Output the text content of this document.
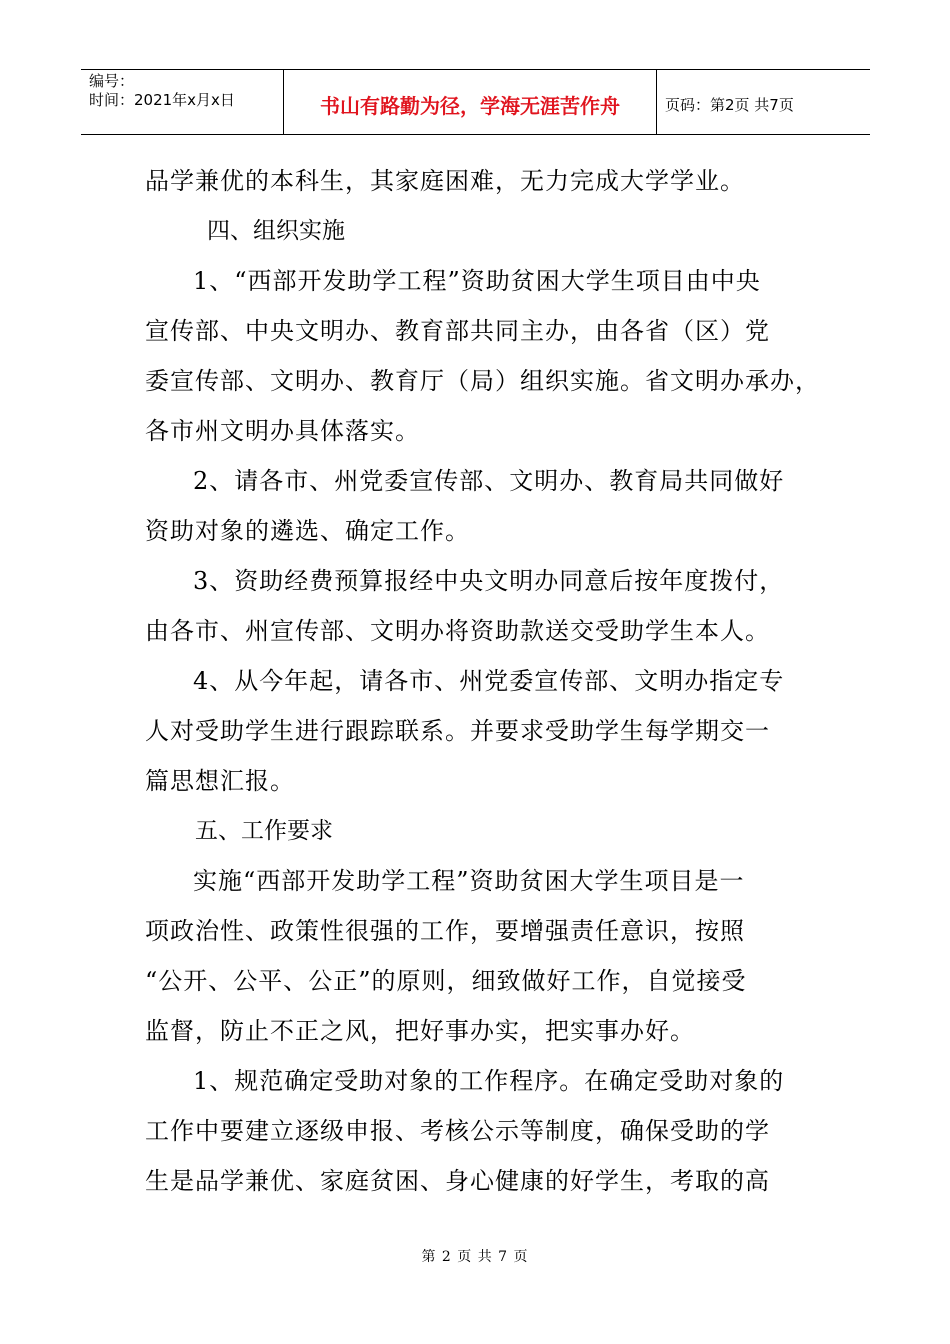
编号：
时间：2021年x月x日	书山有路勤为径，学海无涯苦作舟	页码：第2页 共7页
品学兼优的本科生，其家庭困难，无力完成大学学业。
四、组织实施
1、“西部开发助学工程”资助贫困大学生项目由中央
宣传部、中央文明办、教育部共同主办，由各省（区）党
委宣传部、文明办、教育厅（局）组织实施。省文明办承办，
各市州文明办具体落实。
2、请各市、州党委宣传部、文明办、教育局共同做好
资助对象的遴选、确定工作。
3、资助经费预算报经中央文明办同意后按年度拨付，
由各市、州宣传部、文明办将资助款送交受助学生本人。
4、从今年起，请各市、州党委宣传部、文明办指定专
人对受助学生进行跟踪联系。并要求受助学生每学期交一
篇思想汇报。
五、工作要求
实施“西部开发助学工程”资助贫困大学生项目是一
项政治性、政策性很强的工作，要增强责任意识，按照
“公开、公平、公正”的原则，细致做好工作，自觉接受
监督，防止不正之风，把好事办实，把实事办好。
1、规范确定受助对象的工作程序。在确定受助对象的
工作中要建立逐级申报、考核公示等制度，确保受助的学
生是品学兼优、家庭贫困、身心健康的好学生，考取的高
第 2 页 共 7 页
